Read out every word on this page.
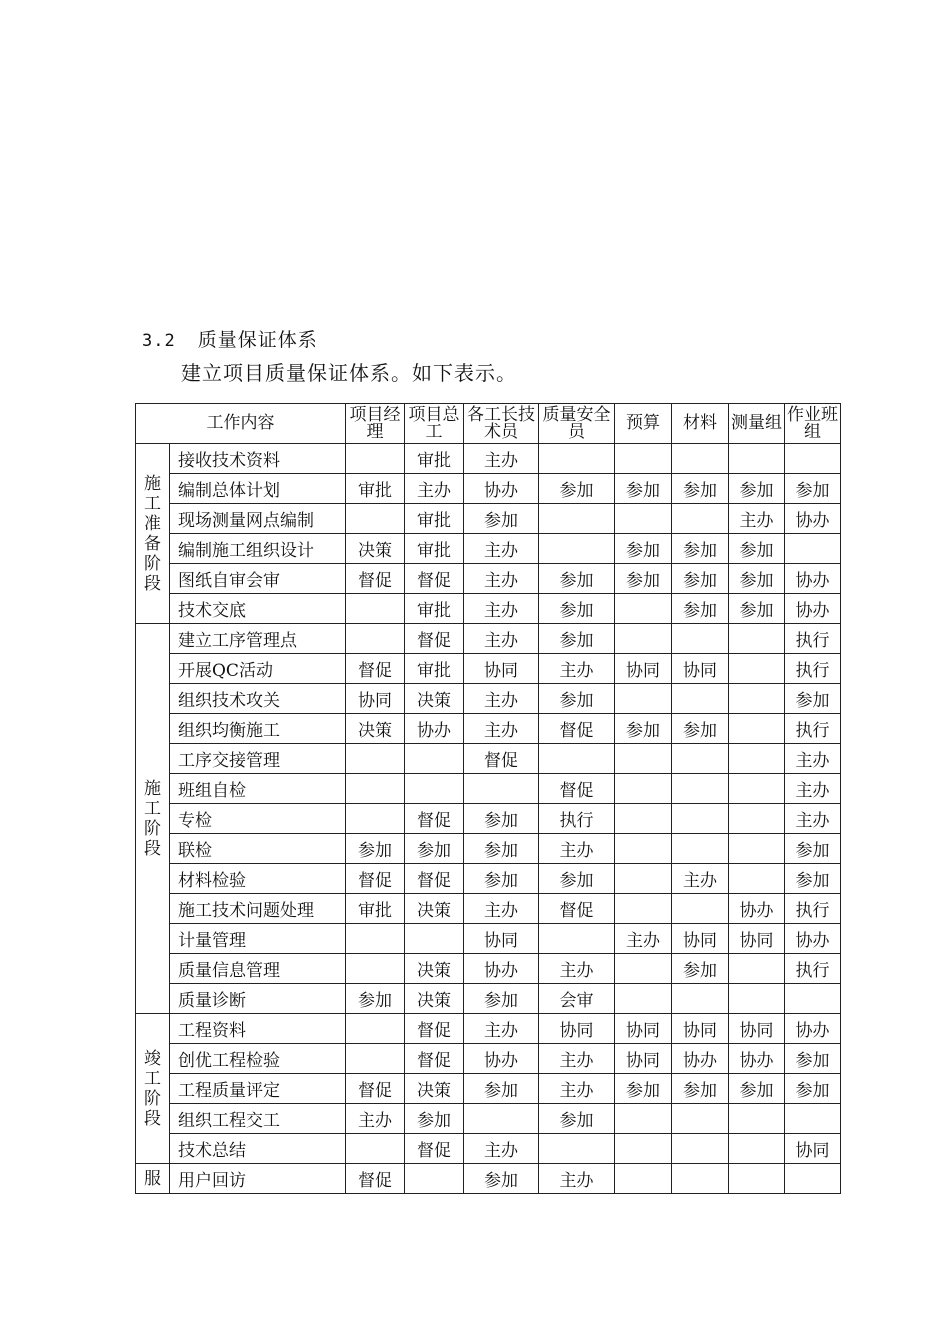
3.2 质量保证体系
建立项目质量保证体系。如下表示。
工作内容		项目经理	项目总工	各工长技术员	质量安全员	预算	材料	测量组	作业班组
施工准备阶段	接收技术资料		审批	主办					
	编制总体计划	审批	主办	协办	参加	参加	参加	参加	参加
	现场测量网点编制		审批	参加				主办	协办
	编制施工组织设计	决策	审批	主办		参加	参加	参加	
	图纸自审会审	督促	督促	主办	参加	参加	参加	参加	协办
	技术交底		审批	主办	参加		参加	参加	协办
施工阶段	建立工序管理点		督促	主办	参加				执行
	开展QC活动	督促	审批	协同	主办	协同	协同		执行
	组织技术攻关	协同	决策	主办	参加				参加
	组织均衡施工	决策	协办	主办	督促	参加	参加		执行
	工序交接管理			督促					主办
	班组自检				督促				主办
	专检		督促	参加	执行				主办
	联检	参加	参加	参加	主办				参加
	材料检验	督促	督促	参加	参加		主办		参加
	施工技术问题处理	审批	决策	主办	督促			协办	执行
	计量管理			协同		主办	协同	协同	协办
	质量信息管理		决策	协办	主办		参加		执行
	质量诊断	参加	决策	参加	会审				
竣工阶段	工程资料		督促	主办	协同	协同	协同	协同	协办
	创优工程检验		督促	协办	主办	协同	协办	协办	参加
	工程质量评定	督促	决策	参加	主办	参加	参加	参加	参加
	组织工程交工	主办	参加		参加				
	技术总结		督促	主办					协同
服	用户回访	督促		参加	主办				
